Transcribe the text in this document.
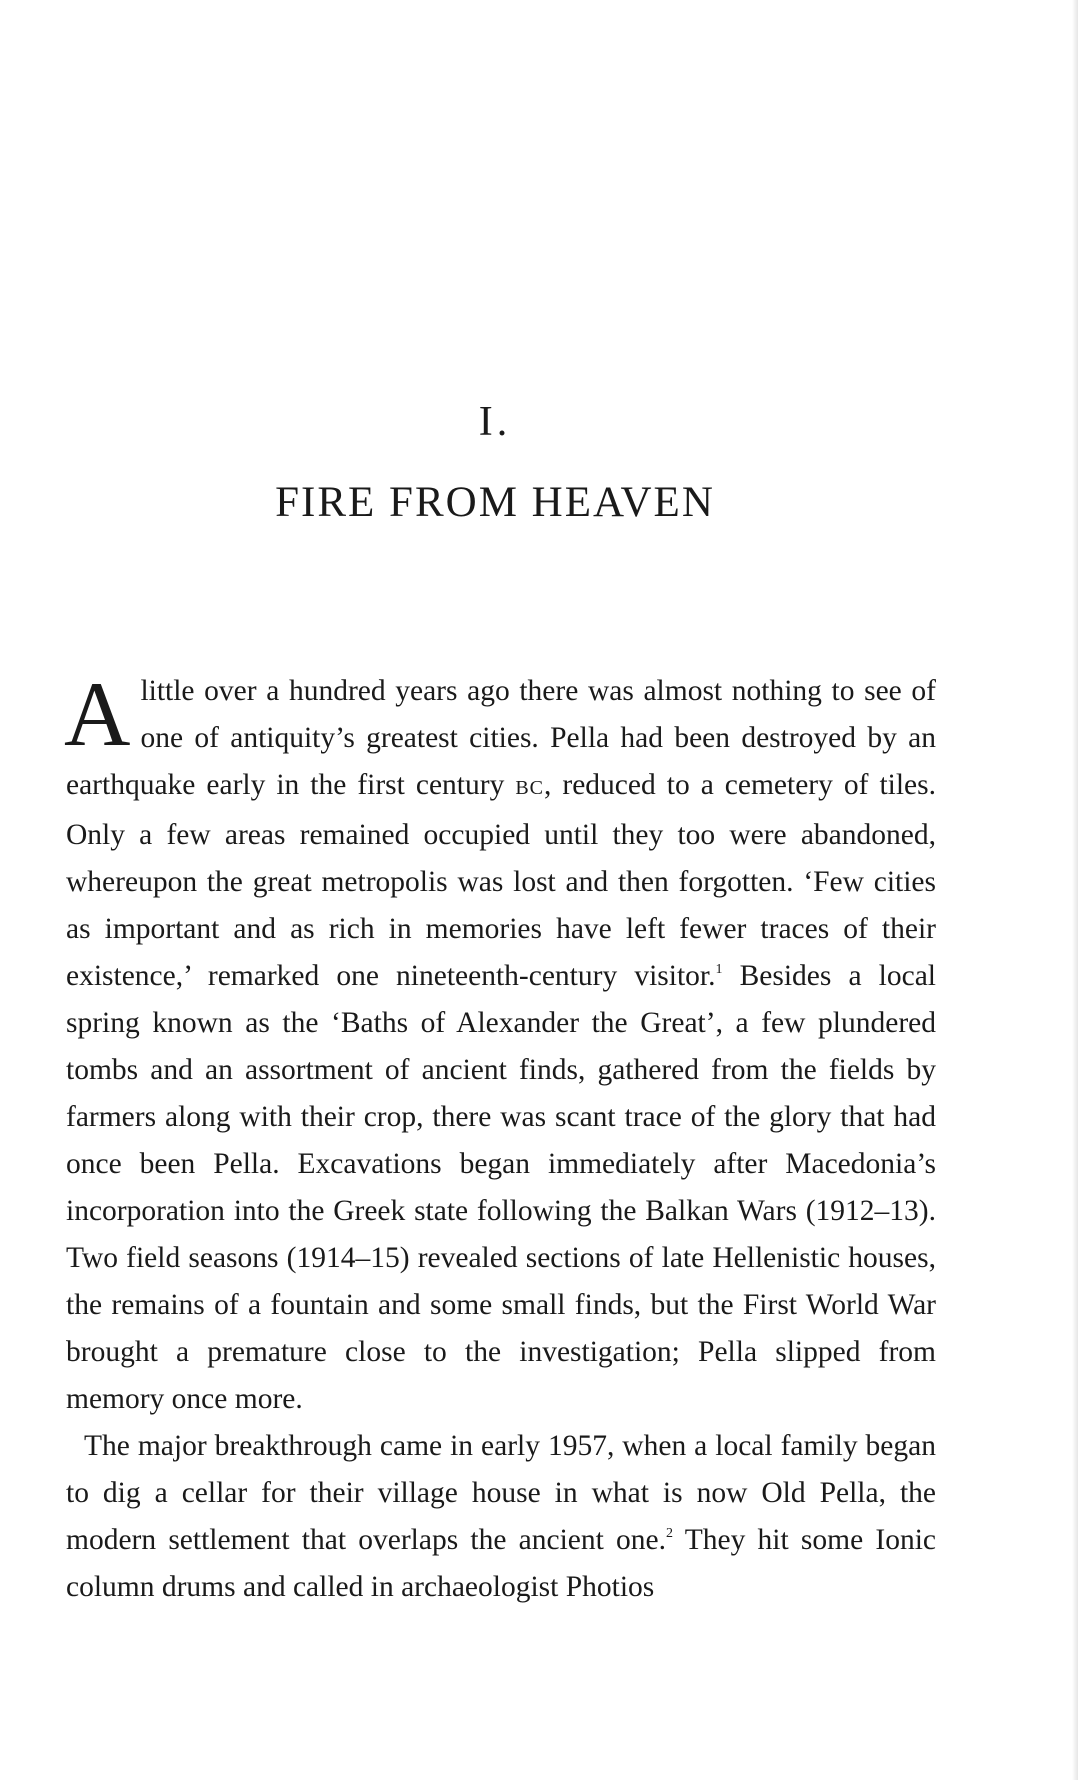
I.
FIRE FROM HEAVEN

Alittle over a hundred years ago there was almost nothing to see of one of antiquity’s greatest cities. Pella had been destroyed by an earthquake early in the first century BC, reduced to a cemetery of tiles. Only a few areas remained occupied until they too were abandoned, whereupon the great metropolis was lost and then forgotten. ‘Few cities as important and as rich in memories have left fewer traces of their existence,’ remarked one nineteenth-century visitor.$^1$ Besides a local spring known as the ‘Baths of Alexander the Great’, a few plundered tombs and an assortment of ancient finds, gathered from the fields by farmers along with their crop, there was scant trace of the glory that had once been Pella. Excavations began immediately after Macedonia’s incorporation into the Greek state following the Balkan Wars (1912–13). Two field seasons (1914–15) revealed sections of late Hellenistic houses, the remains of a fountain and some small finds, but the First World War brought a premature close to the investigation; Pella slipped from memory once more.

The major breakthrough came in early 1957, when a local family began to dig a cellar for their village house in what is now Old Pella, the modern settlement that overlaps the ancient one.$^2$ They hit some Ionic column drums and called in archaeologist Photios
